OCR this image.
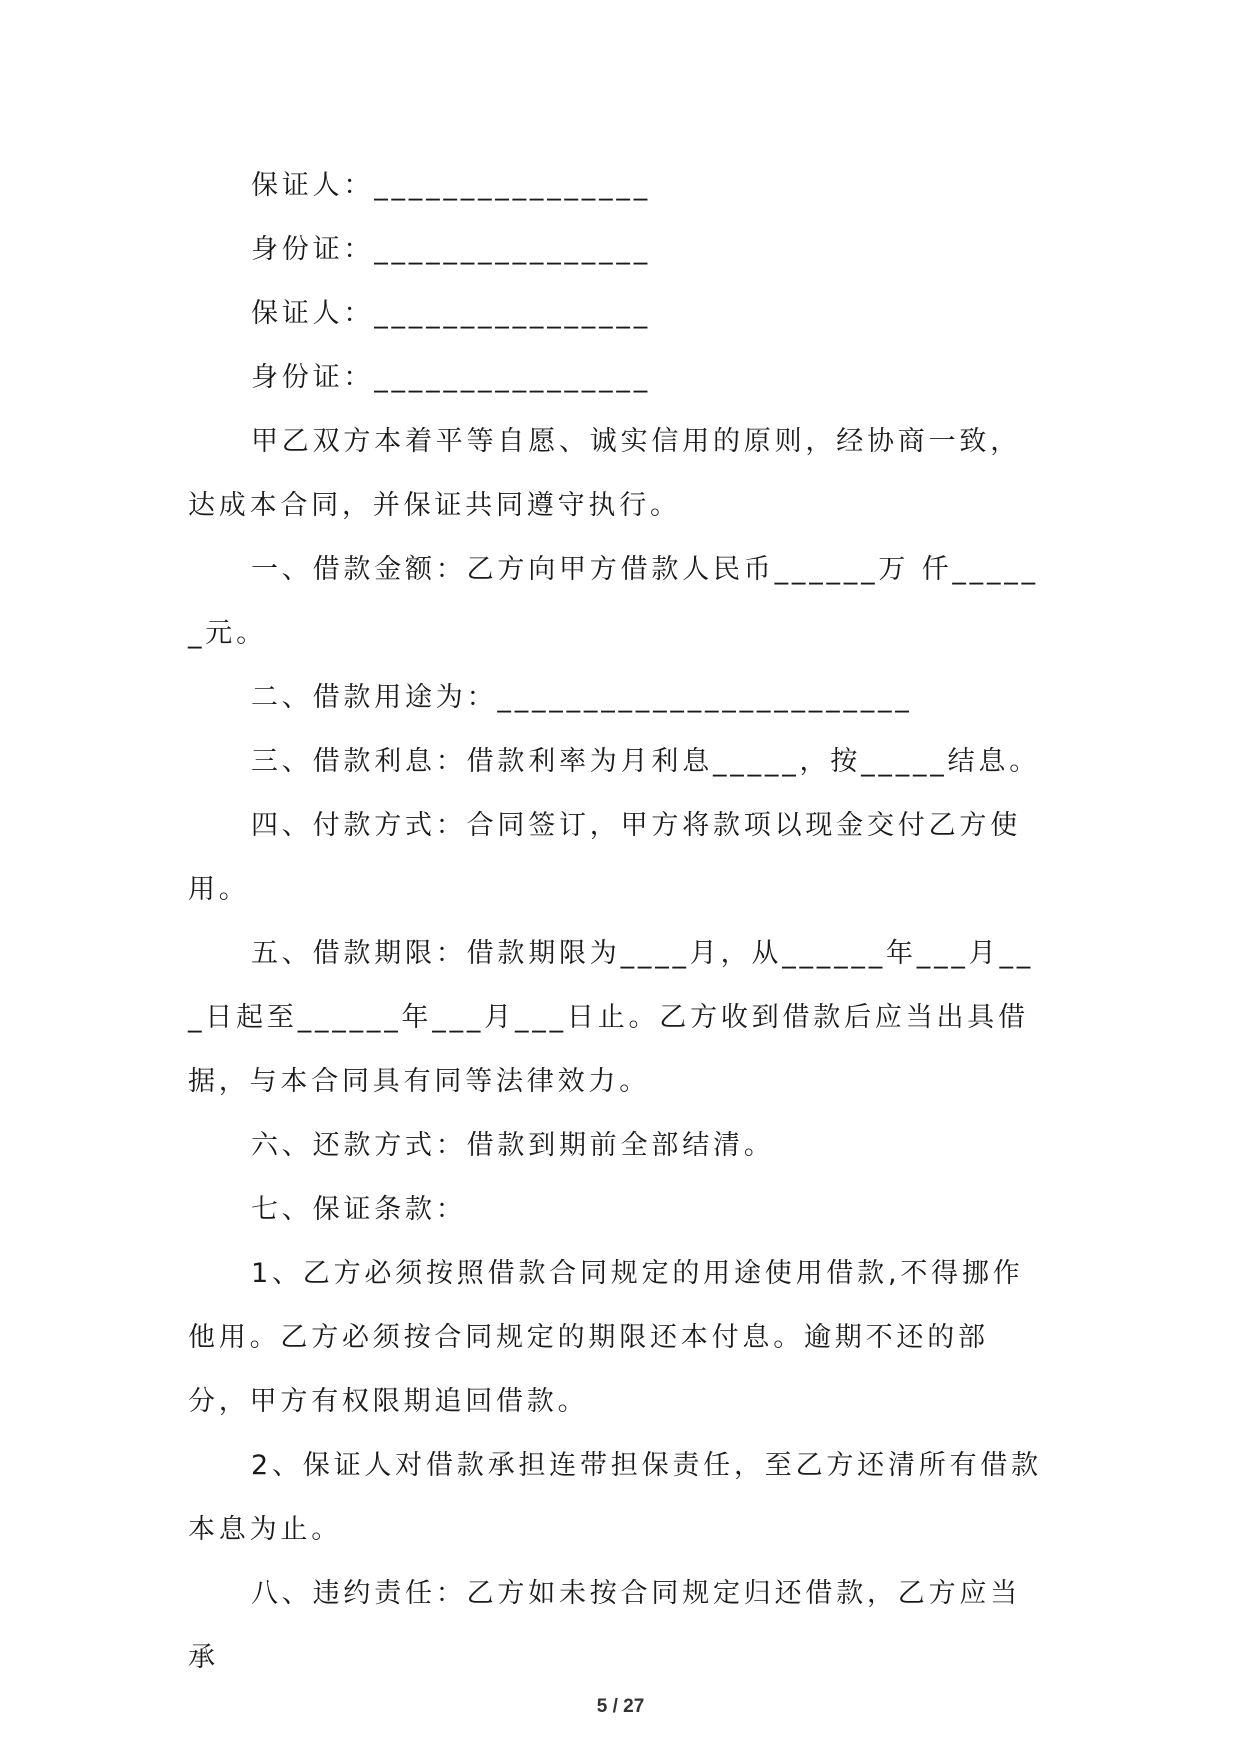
保证人：________________

身份证：________________

保证人：________________

身份证：________________

甲乙双方本着平等自愿、诚实信用的原则，经协商一致，达成本合同，并保证共同遵守执行。

一、借款金额：乙方向甲方借款人民币______万 仟______元。

二、借款用途为：________________________

三、借款利息：借款利率为月利息_____，按_____结息。

四、付款方式：合同签订，甲方将款项以现金交付乙方使用。

五、借款期限：借款期限为____月，从______年___月___日起至______年___月___日止。乙方收到借款后应当出具借据，与本合同具有同等法律效力。

六、还款方式：借款到期前全部结清。

七、保证条款：

1、乙方必须按照借款合同规定的用途使用借款,不得挪作他用。乙方必须按合同规定的期限还本付息。逾期不还的部分，甲方有权限期追回借款。

2、保证人对借款承担连带担保责任，至乙方还清所有借款本息为止。

八、违约责任：乙方如未按合同规定归还借款，乙方应当承

5 / 27
